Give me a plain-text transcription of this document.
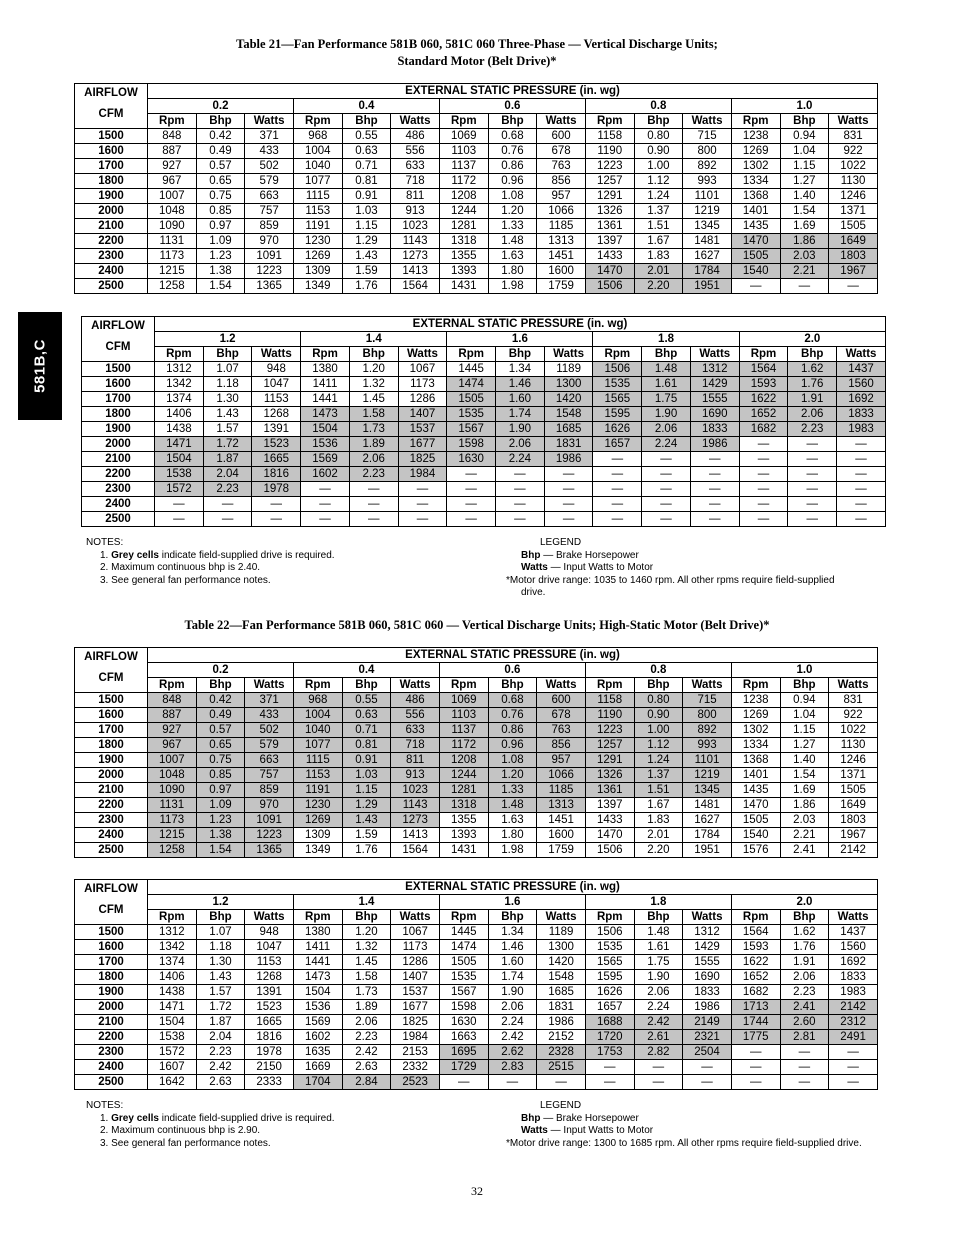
Table 21—Fan Performance 581B 060, 581C 060 Three-Phase — Vertical Discharge Units;
Standard Motor (Belt Drive)*
581B,C
AIRFLOW
CFM	EXTERNAL STATIC PRESSURE (in. wg)														
	0.2			0.4			0.6			0.8			1.0		
	Rpm	Bhp	Watts	Rpm	Bhp	Watts	Rpm	Bhp	Watts	Rpm	Bhp	Watts	Rpm	Bhp	Watts
1500	848	0.42	371	968	0.55	486	1069	0.68	600	1158	0.80	715	1238	0.94	831
1600	887	0.49	433	1004	0.63	556	1103	0.76	678	1190	0.90	800	1269	1.04	922
1700	927	0.57	502	1040	0.71	633	1137	0.86	763	1223	1.00	892	1302	1.15	1022
1800	967	0.65	579	1077	0.81	718	1172	0.96	856	1257	1.12	993	1334	1.27	1130
1900	1007	0.75	663	1115	0.91	811	1208	1.08	957	1291	1.24	1101	1368	1.40	1246
2000	1048	0.85	757	1153	1.03	913	1244	1.20	1066	1326	1.37	1219	1401	1.54	1371
2100	1090	0.97	859	1191	1.15	1023	1281	1.33	1185	1361	1.51	1345	1435	1.69	1505
2200	1131	1.09	970	1230	1.29	1143	1318	1.48	1313	1397	1.67	1481	1470	1.86	1649
2300	1173	1.23	1091	1269	1.43	1273	1355	1.63	1451	1433	1.83	1627	1505	2.03	1803
2400	1215	1.38	1223	1309	1.59	1413	1393	1.80	1600	1470	2.01	1784	1540	2.21	1967
2500	1258	1.54	1365	1349	1.76	1564	1431	1.98	1759	1506	2.20	1951	—	—	—
AIRFLOW
CFM	EXTERNAL STATIC PRESSURE (in. wg)														
	1.2			1.4			1.6			1.8			2.0		
	Rpm	Bhp	Watts	Rpm	Bhp	Watts	Rpm	Bhp	Watts	Rpm	Bhp	Watts	Rpm	Bhp	Watts
1500	1312	1.07	948	1380	1.20	1067	1445	1.34	1189	1506	1.48	1312	1564	1.62	1437
1600	1342	1.18	1047	1411	1.32	1173	1474	1.46	1300	1535	1.61	1429	1593	1.76	1560
1700	1374	1.30	1153	1441	1.45	1286	1505	1.60	1420	1565	1.75	1555	1622	1.91	1692
1800	1406	1.43	1268	1473	1.58	1407	1535	1.74	1548	1595	1.90	1690	1652	2.06	1833
1900	1438	1.57	1391	1504	1.73	1537	1567	1.90	1685	1626	2.06	1833	1682	2.23	1983
2000	1471	1.72	1523	1536	1.89	1677	1598	2.06	1831	1657	2.24	1986	—	—	—
2100	1504	1.87	1665	1569	2.06	1825	1630	2.24	1986	—	—	—	—	—	—
2200	1538	2.04	1816	1602	2.23	1984	—	—	—	—	—	—	—	—	—
2300	1572	2.23	1978	—	—	—	—	—	—	—	—	—	—	—	—
2400	—	—	—	—	—	—	—	—	—	—	—	—	—	—	—
2500	—	—	—	—	—	—	—	—	—	—	—	—	—	—	—
NOTES:
1. Grey cells indicate field-supplied drive is required.
2. Maximum continuous bhp is 2.40.
3. See general fan performance notes.
LEGEND
Bhp — Brake Horsepower
Watts — Input Watts to Motor
*Motor drive range: 1035 to 1460 rpm. All other rpms require field-supplied
drive.
Table 22—Fan Performance 581B 060, 581C 060 — Vertical Discharge Units; High-Static Motor (Belt Drive)*
AIRFLOW
CFM	EXTERNAL STATIC PRESSURE (in. wg)														
	0.2			0.4			0.6			0.8			1.0		
	Rpm	Bhp	Watts	Rpm	Bhp	Watts	Rpm	Bhp	Watts	Rpm	Bhp	Watts	Rpm	Bhp	Watts
1500	848	0.42	371	968	0.55	486	1069	0.68	600	1158	0.80	715	1238	0.94	831
1600	887	0.49	433	1004	0.63	556	1103	0.76	678	1190	0.90	800	1269	1.04	922
1700	927	0.57	502	1040	0.71	633	1137	0.86	763	1223	1.00	892	1302	1.15	1022
1800	967	0.65	579	1077	0.81	718	1172	0.96	856	1257	1.12	993	1334	1.27	1130
1900	1007	0.75	663	1115	0.91	811	1208	1.08	957	1291	1.24	1101	1368	1.40	1246
2000	1048	0.85	757	1153	1.03	913	1244	1.20	1066	1326	1.37	1219	1401	1.54	1371
2100	1090	0.97	859	1191	1.15	1023	1281	1.33	1185	1361	1.51	1345	1435	1.69	1505
2200	1131	1.09	970	1230	1.29	1143	1318	1.48	1313	1397	1.67	1481	1470	1.86	1649
2300	1173	1.23	1091	1269	1.43	1273	1355	1.63	1451	1433	1.83	1627	1505	2.03	1803
2400	1215	1.38	1223	1309	1.59	1413	1393	1.80	1600	1470	2.01	1784	1540	2.21	1967
2500	1258	1.54	1365	1349	1.76	1564	1431	1.98	1759	1506	2.20	1951	1576	2.41	2142
AIRFLOW
CFM	EXTERNAL STATIC PRESSURE (in. wg)														
	1.2			1.4			1.6			1.8			2.0		
	Rpm	Bhp	Watts	Rpm	Bhp	Watts	Rpm	Bhp	Watts	Rpm	Bhp	Watts	Rpm	Bhp	Watts
1500	1312	1.07	948	1380	1.20	1067	1445	1.34	1189	1506	1.48	1312	1564	1.62	1437
1600	1342	1.18	1047	1411	1.32	1173	1474	1.46	1300	1535	1.61	1429	1593	1.76	1560
1700	1374	1.30	1153	1441	1.45	1286	1505	1.60	1420	1565	1.75	1555	1622	1.91	1692
1800	1406	1.43	1268	1473	1.58	1407	1535	1.74	1548	1595	1.90	1690	1652	2.06	1833
1900	1438	1.57	1391	1504	1.73	1537	1567	1.90	1685	1626	2.06	1833	1682	2.23	1983
2000	1471	1.72	1523	1536	1.89	1677	1598	2.06	1831	1657	2.24	1986	1713	2.41	2142
2100	1504	1.87	1665	1569	2.06	1825	1630	2.24	1986	1688	2.42	2149	1744	2.60	2312
2200	1538	2.04	1816	1602	2.23	1984	1663	2.42	2152	1720	2.61	2321	1775	2.81	2491
2300	1572	2.23	1978	1635	2.42	2153	1695	2.62	2328	1753	2.82	2504	—	—	—
2400	1607	2.42	2150	1669	2.63	2332	1729	2.83	2515	—	—	—	—	—	—
2500	1642	2.63	2333	1704	2.84	2523	—	—	—	—	—	—	—	—	—
NOTES:
1. Grey cells indicate field-supplied drive is required.
2. Maximum continuous bhp is 2.90.
3. See general fan performance notes.
LEGEND
Bhp — Brake Horsepower
Watts — Input Watts to Motor
*Motor drive range: 1300 to 1685 rpm. All other rpms require field-supplied drive.
32
